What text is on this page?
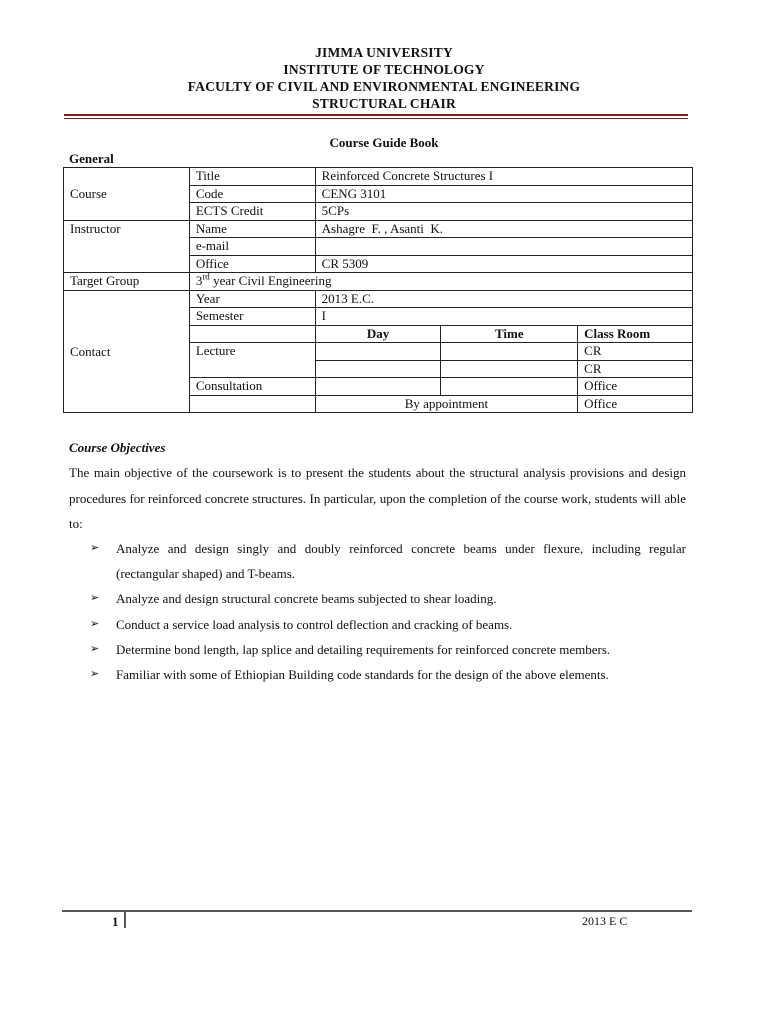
JIMMA UNIVERSITY
INSTITUTE OF TECHNOLOGY
FACULTY OF CIVIL AND ENVIRONMENTAL ENGINEERING
STRUCTURAL CHAIR
Course Guide Book
General
Course	Title	Reinforced Concrete Structures I		
	Code	CENG 3101		
	ECTS Credit	5CPs		
Instructor	Name	Ashagre  F. , Asanti  K.		
	e-mail			
	Office	CR 5309		
Target Group	3rd year Civil Engineering			
Contact	Year	2013 E.C.		
	Semester	I		
		Day	Time	Class Room
	Lecture			CR
				CR
	Consultation			Office
		By appointment		Office
Course Objectives
The main objective of the coursework is to present the students about the structural analysis provisions and design procedures for reinforced concrete structures. In particular, upon the completion of the course work, students will able to:
➢ Analyze and design singly and doubly reinforced concrete beams under flexure, including regular (rectangular shaped) and T-beams.
➢ Analyze and design structural concrete beams subjected to shear loading.
➢ Conduct a service load analysis to control deflection and cracking of beams.
➢ Determine bond length, lap splice and detailing requirements for reinforced concrete members.
➢ Familiar with some of Ethiopian Building code standards for the design of the above elements.
1	2013 E C
